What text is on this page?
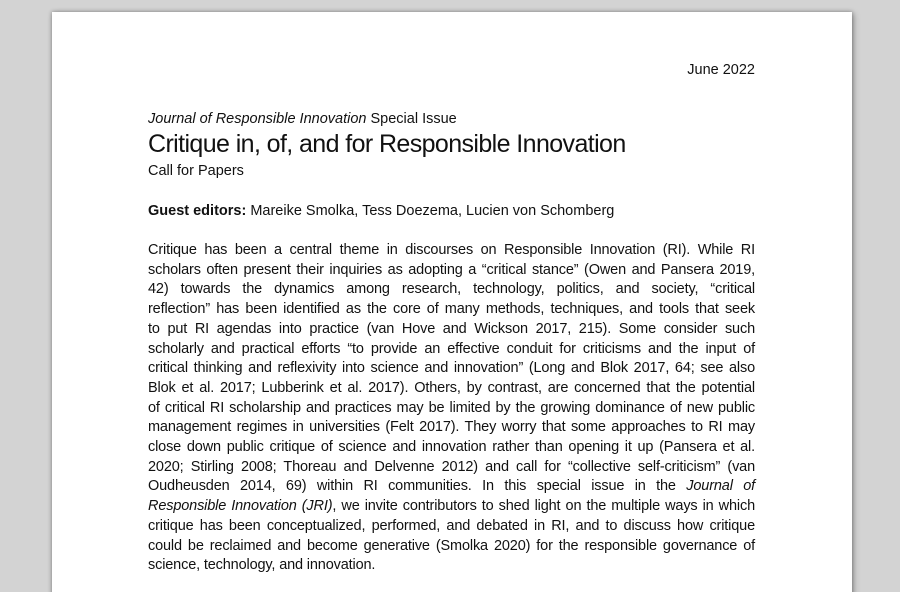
June 2022
Journal of Responsible Innovation Special Issue
Critique in, of, and for Responsible Innovation
Call for Papers
Guest editors: Mareike Smolka, Tess Doezema, Lucien von Schomberg
Critique has been a central theme in discourses on Responsible Innovation (RI). While RI
scholars often present their inquiries as adopting a “critical stance” (Owen and Pansera 2019,
42) towards the dynamics among research, technology, politics, and society, “critical
reflection” has been identified as the core of many methods, techniques, and tools that seek
to put RI agendas into practice (van Hove and Wickson 2017, 215). Some consider such
scholarly and practical efforts “to provide an effective conduit for criticisms and the input of
critical thinking and reflexivity into science and innovation” (Long and Blok 2017, 64; see also
Blok et al. 2017; Lubberink et al. 2017). Others, by contrast, are concerned that the potential
of critical RI scholarship and practices may be limited by the growing dominance of new public
management regimes in universities (Felt 2017). They worry that some approaches to RI may
close down public critique of science and innovation rather than opening it up (Pansera et al.
2020; Stirling 2008; Thoreau and Delvenne 2012) and call for “collective self-criticism” (van
Oudheusden 2014, 69) within RI communities. In this special issue in the Journal of
Responsible Innovation (JRI), we invite contributors to shed light on the multiple ways in which
critique has been conceptualized, performed, and debated in RI, and to discuss how critique
could be reclaimed and become generative (Smolka 2020) for the responsible governance of
science, technology, and innovation.
